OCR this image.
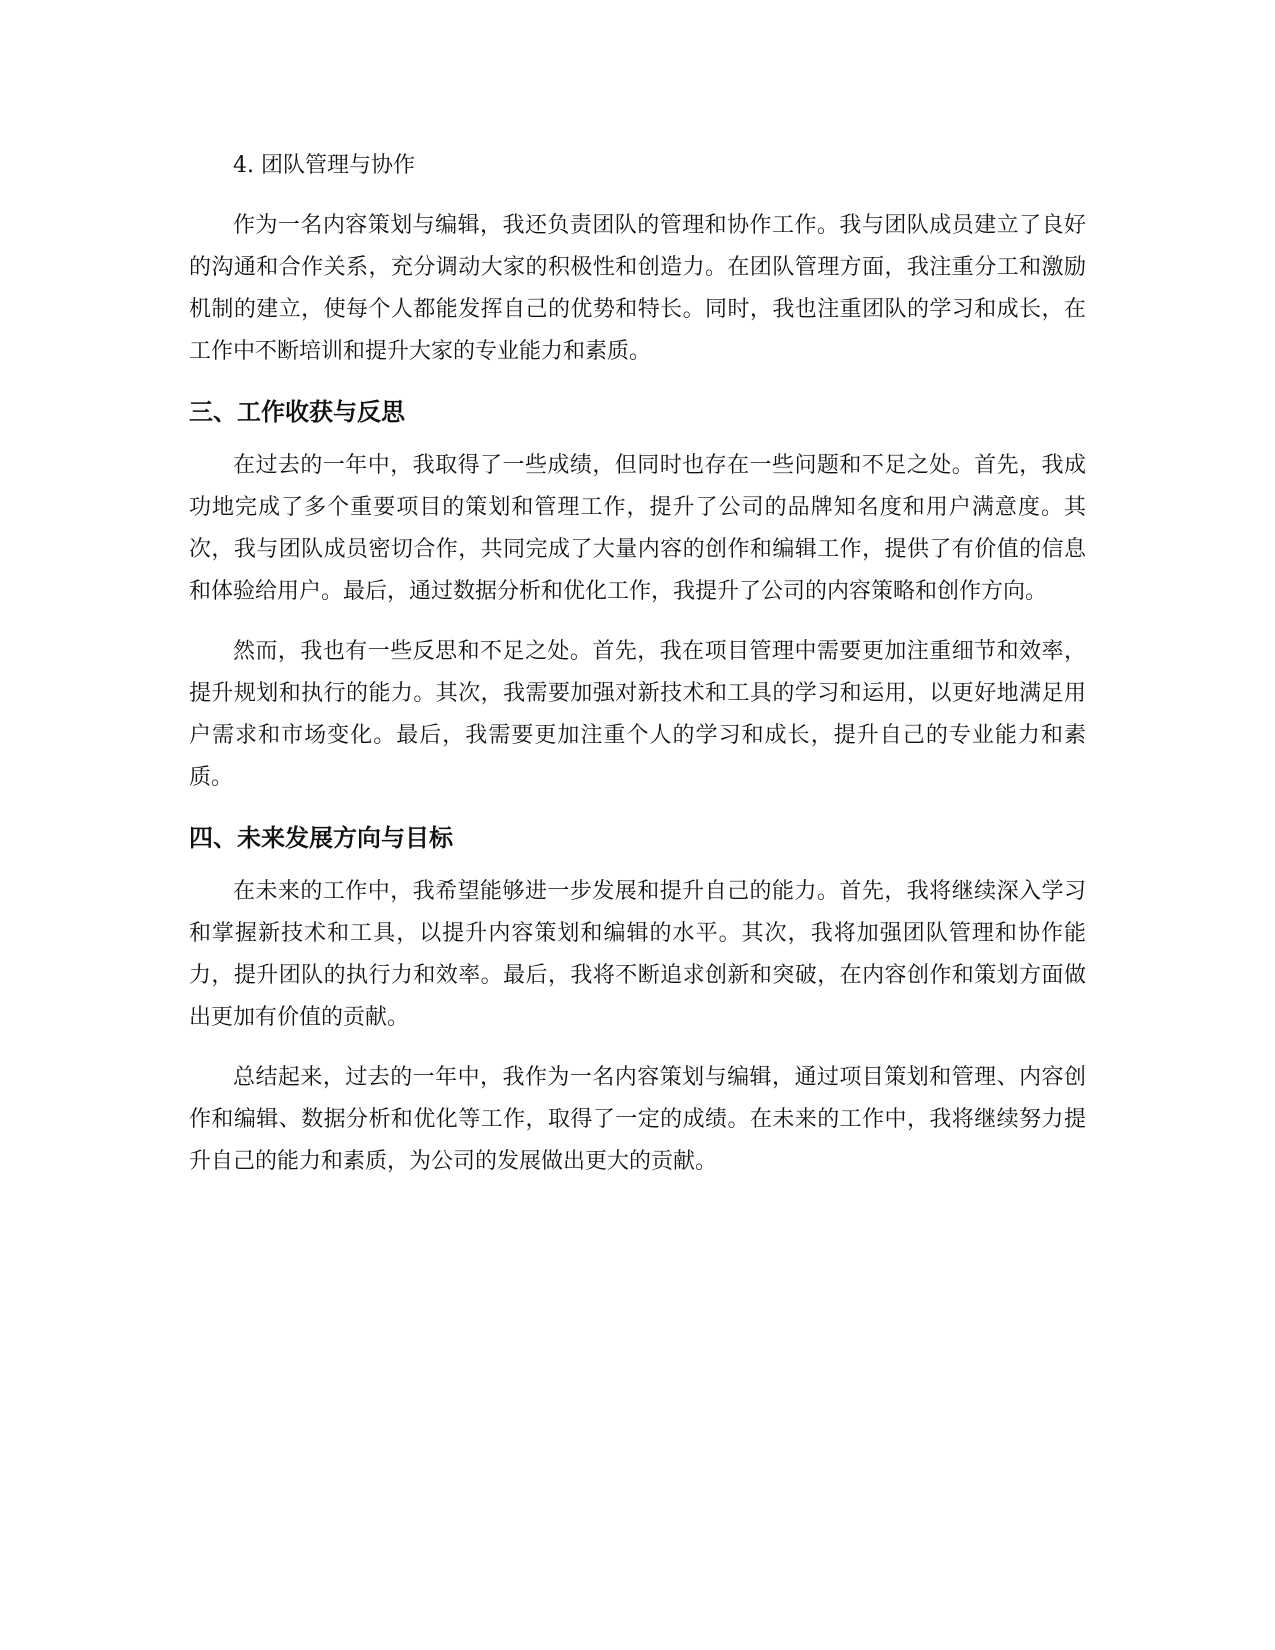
4. 团队管理与协作

作为一名内容策划与编辑，我还负责团队的管理和协作工作。我与团队成员建立了良好的沟通和合作关系，充分调动大家的积极性和创造力。在团队管理方面，我注重分工和激励机制的建立，使每个人都能发挥自己的优势和特长。同时，我也注重团队的学习和成长，在工作中不断培训和提升大家的专业能力和素质。

三、工作收获与反思

在过去的一年中，我取得了一些成绩，但同时也存在一些问题和不足之处。首先，我成功地完成了多个重要项目的策划和管理工作，提升了公司的品牌知名度和用户满意度。其次，我与团队成员密切合作，共同完成了大量内容的创作和编辑工作，提供了有价值的信息和体验给用户。最后，通过数据分析和优化工作，我提升了公司的内容策略和创作方向。

然而，我也有一些反思和不足之处。首先，我在项目管理中需要更加注重细节和效率，提升规划和执行的能力。其次，我需要加强对新技术和工具的学习和运用，以更好地满足用户需求和市场变化。最后，我需要更加注重个人的学习和成长，提升自己的专业能力和素质。

四、未来发展方向与目标

在未来的工作中，我希望能够进一步发展和提升自己的能力。首先，我将继续深入学习和掌握新技术和工具，以提升内容策划和编辑的水平。其次，我将加强团队管理和协作能力，提升团队的执行力和效率。最后，我将不断追求创新和突破，在内容创作和策划方面做出更加有价值的贡献。

总结起来，过去的一年中，我作为一名内容策划与编辑，通过项目策划和管理、内容创作和编辑、数据分析和优化等工作，取得了一定的成绩。在未来的工作中，我将继续努力提升自己的能力和素质，为公司的发展做出更大的贡献。
